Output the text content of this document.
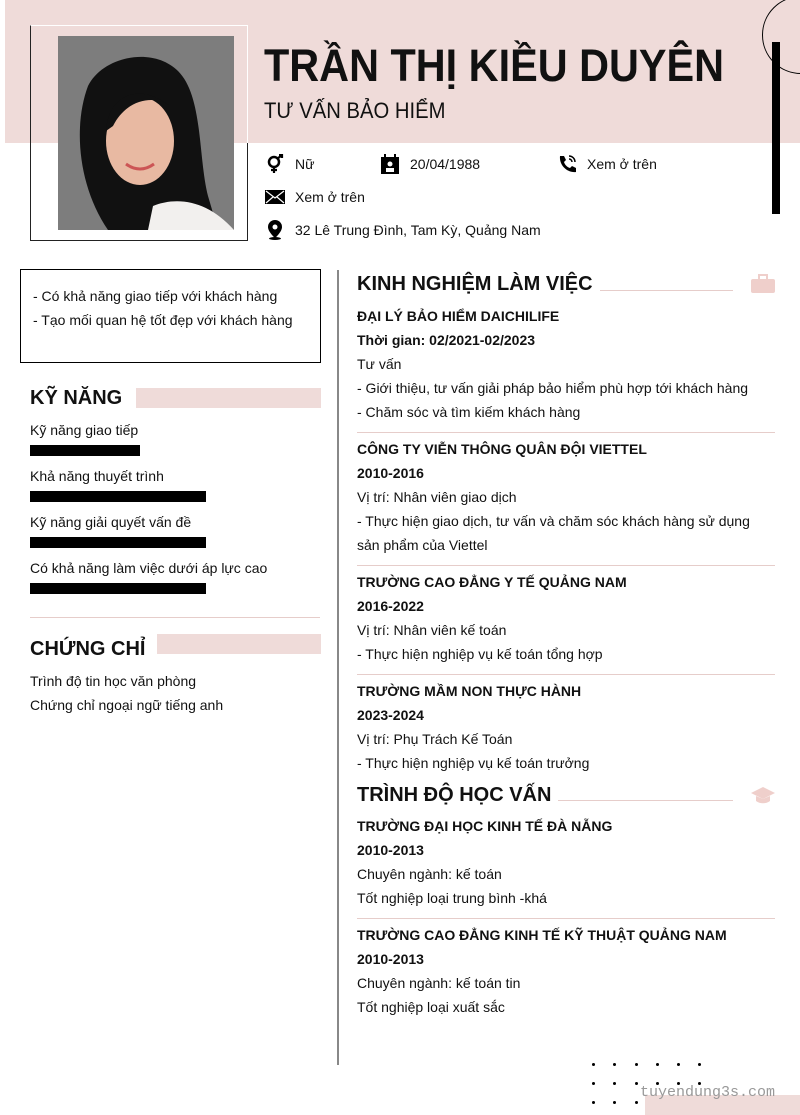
TRẦN THỊ KIỀU DUYÊN
TƯ VẤN BẢO HIỂM
Nữ	20/04/1988	Xem ở trên
Xem ở trên
32 Lê Trung Đình, Tam Kỳ, Quảng Nam
- Có khả năng giao tiếp với khách hàng
- Tạo mối quan hệ tốt đẹp với khách hàng
KỸ NĂNG
Kỹ năng giao tiếp
Khả năng thuyết trình
Kỹ năng giải quyết vấn đề
Có khả năng làm việc dưới áp lực cao
CHỨNG CHỈ
Trình độ tin học văn phòng
Chứng chỉ ngoại ngữ tiếng anh
KINH NGHIỆM LÀM VIỆC
ĐẠI LÝ BẢO HIỂM DAICHILIFE
Thời gian: 02/2021-02/2023
Tư vấn
- Giới thiệu, tư vấn giải pháp bảo hiểm phù hợp tới khách hàng
- Chăm sóc và tìm kiếm khách hàng
CÔNG TY VIỄN THÔNG QUÂN ĐỘI VIETTEL
2010-2016
Vị trí: Nhân viên giao dịch
- Thực hiện giao dịch, tư vấn và chăm sóc khách hàng sử dụng sản phẩm của Viettel
TRƯỜNG CAO ĐẲNG Y TẾ QUẢNG NAM
2016-2022
Vị trí: Nhân viên kế toán
- Thực hiện nghiệp vụ kế toán tổng hợp
TRƯỜNG MẦM NON THỰC HÀNH
2023-2024
Vị trí: Phụ Trách Kế Toán
- Thực hiện nghiệp vụ kế toán trưởng
TRÌNH ĐỘ HỌC VẤN
TRƯỜNG ĐẠI HỌC KINH TẾ ĐÀ NẴNG
2010-2013
Chuyên ngành: kế toán
Tốt nghiệp loại trung bình -khá
TRƯỜNG CAO ĐẲNG KINH TẾ KỸ THUẬT QUẢNG NAM
2010-2013
Chuyên ngành: kế toán tin
Tốt nghiệp loại xuất sắc
tuyendung3s.com
